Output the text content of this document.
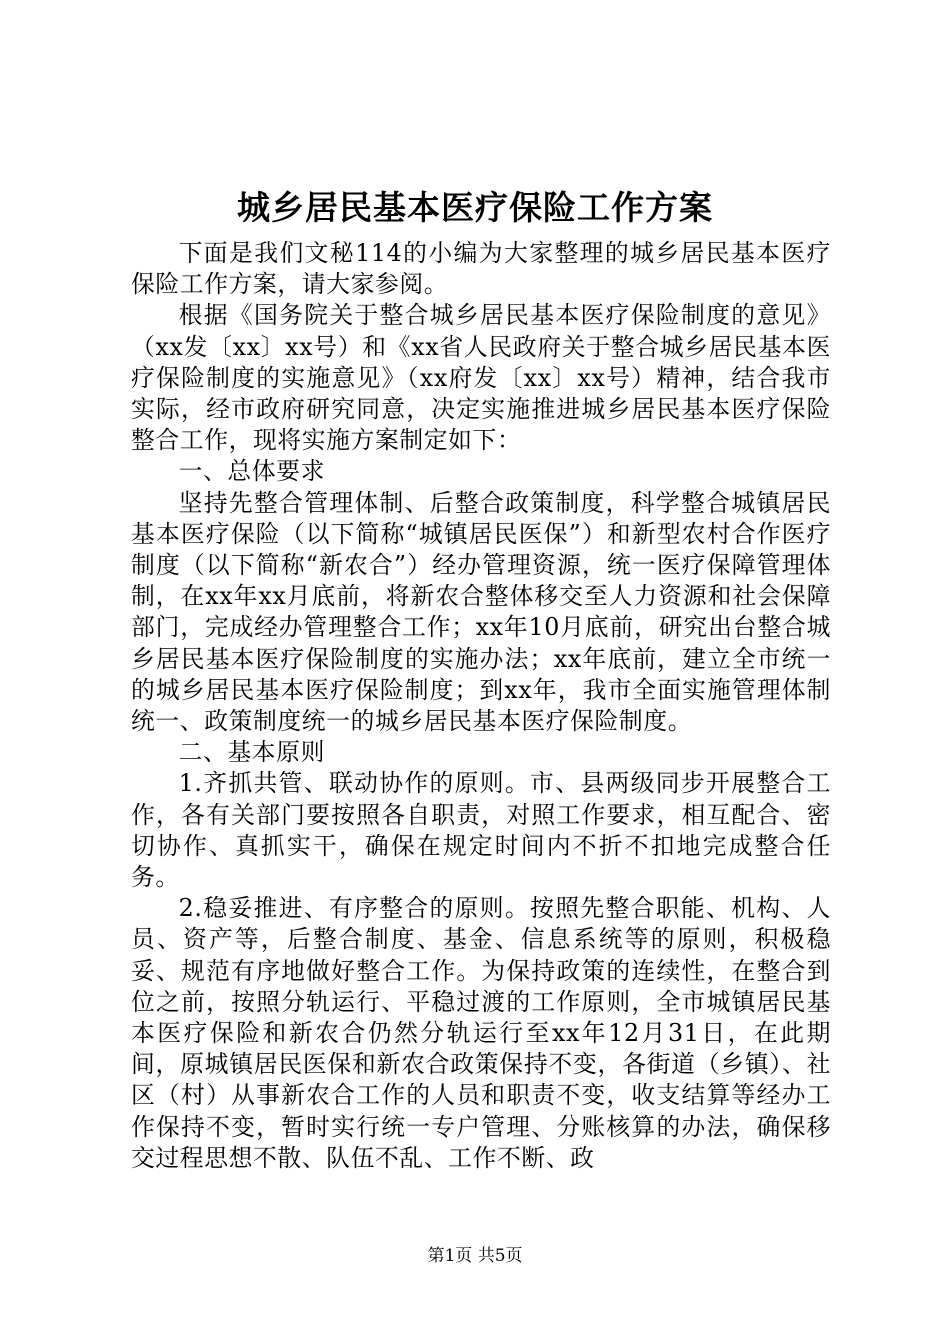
城乡居民基本医疗保险工作方案

下面是我们文秘114的小编为大家整理的城乡居民基本医疗保险工作方案，请大家参阅。

根据《国务院关于整合城乡居民基本医疗保险制度的意见》（xx发〔xx〕xx号）和《xx省人民政府关于整合城乡居民基本医疗保险制度的实施意见》（xx府发〔xx〕xx号）精神，结合我市实际，经市政府研究同意，决定实施推进城乡居民基本医疗保险整合工作，现将实施方案制定如下：

一、总体要求

坚持先整合管理体制、后整合政策制度，科学整合城镇居民基本医疗保险（以下简称“城镇居民医保”）和新型农村合作医疗制度（以下简称“新农合”）经办管理资源，统一医疗保障管理体制，在xx年xx月底前，将新农合整体移交至人力资源和社会保障部门，完成经办管理整合工作；xx年10月底前，研究出台整合城乡居民基本医疗保险制度的实施办法；xx年底前，建立全市统一的城乡居民基本医疗保险制度；到xx年，我市全面实施管理体制统一、政策制度统一的城乡居民基本医疗保险制度。

二、基本原则

1.齐抓共管、联动协作的原则。市、县两级同步开展整合工作，各有关部门要按照各自职责，对照工作要求，相互配合、密切协作、真抓实干，确保在规定时间内不折不扣地完成整合任务。

2.稳妥推进、有序整合的原则。按照先整合职能、机构、人员、资产等，后整合制度、基金、信息系统等的原则，积极稳妥、规范有序地做好整合工作。为保持政策的连续性，在整合到位之前，按照分轨运行、平稳过渡的工作原则，全市城镇居民基本医疗保险和新农合仍然分轨运行至xx年12月31日，在此期间，原城镇居民医保和新农合政策保持不变，各街道（乡镇）、社区（村）从事新农合工作的人员和职责不变，收支结算等经办工作保持不变，暂时实行统一专户管理、分账核算的办法，确保移交过程思想不散、队伍不乱、工作不断、政

第1页 共5页
